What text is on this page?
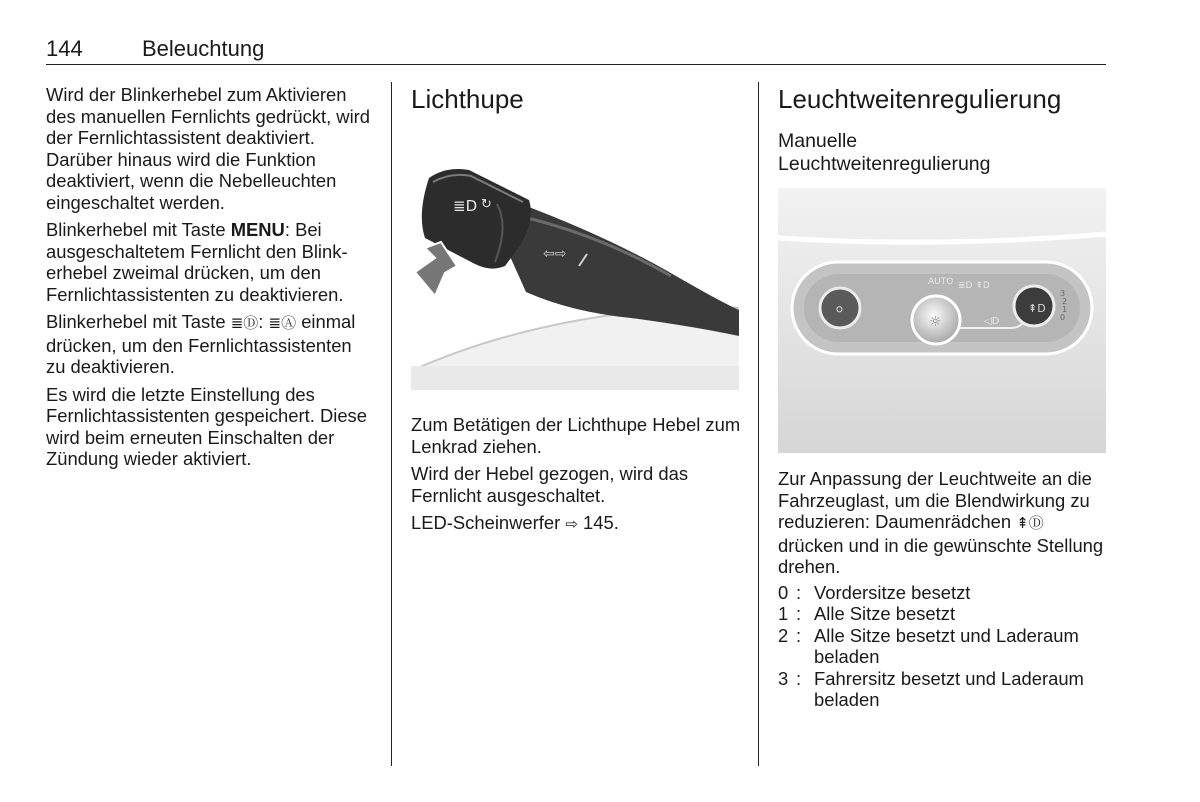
144	Beleuchtung

Wird der Blinkerhebel zum Aktivieren des manuellen Fernlichts gedrückt, wird der Fernlichtassistent deaktiviert. Darüber hinaus wird die Funktion deaktiviert, wenn die Nebelleuchten eingeschaltet werden.

Blinkerhebel mit Taste MENU: Bei ausgeschaltetem Fernlicht den Blinkerhebel zweimal drücken, um den Fernlichtassistenten zu deaktivieren.

Blinkerhebel mit Taste ≣Ⓓ: ≣Ⓐ einmal drücken, um den Fernlichtassistenten zu deaktivieren.

Es wird die letzte Einstellung des Fernlichtassistenten gespeichert. Diese wird beim erneuten Einschalten der Zündung wieder aktiviert.

Lichthupe
≣D ↻
⇦⇨

Zum Betätigen der Lichthupe Hebel zum Lenkrad ziehen.

Wird der Hebel gezogen, wird das Fernlicht ausgeschaltet.

LED-Scheinwerfer ⇨ 145.

Leuchtweitenregulierung
Manuelle
Leuchtweitenregulierung
⚪
AUTO ≣D ⇞D
☼	◁D
⇞D
3
2
1
0

Zur Anpassung der Leuchtweite an die Fahrzeuglast, um die Blendwirkung zu reduzieren: Daumenrädchen ⇞Ⓓ drücken und in die gewünschte Stellung drehen.

0 : Vordersitze besetzt
1 : Alle Sitze besetzt
2 : Alle Sitze besetzt und Laderaum beladen
3 : Fahrersitz besetzt und Laderaum beladen
